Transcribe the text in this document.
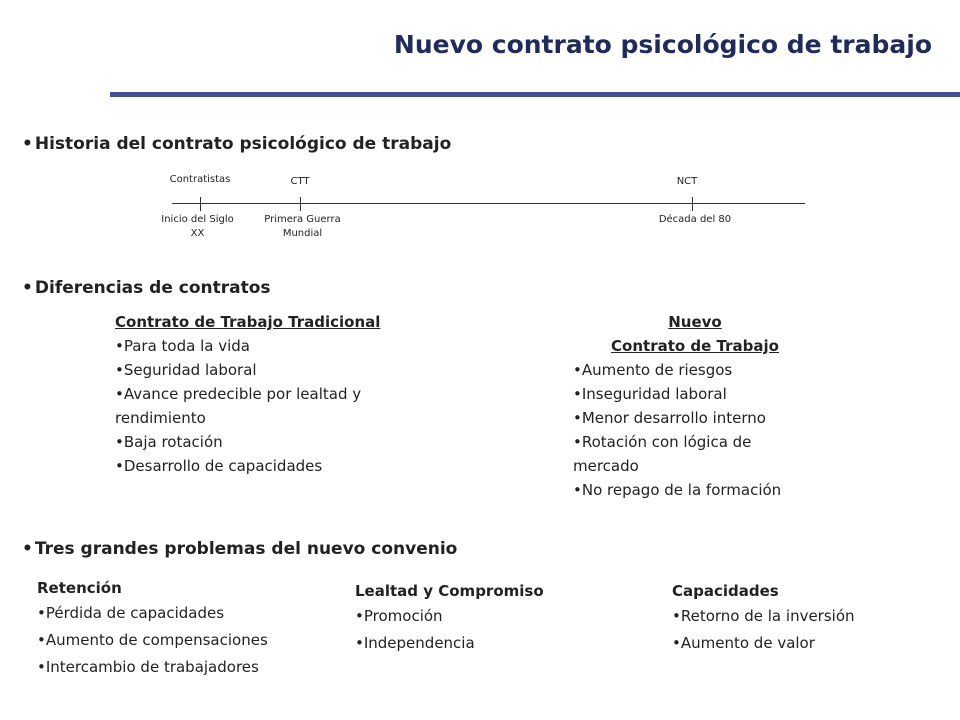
Nuevo contrato psicológico de trabajo
• Historia del contrato psicológico de trabajo
Contratistas	CTT	NCT
Inicio del Siglo
XX
Primera Guerra
Mundial
Década del 80
• Diferencias de contratos
Contrato de Trabajo Tradicional
•Para toda la vida
•Seguridad laboral
•Avance predecible por lealtad y
rendimiento
•Baja rotación
•Desarrollo de capacidades
Nuevo
Contrato de Trabajo
•Aumento de riesgos
•Inseguridad laboral
•Menor desarrollo interno
•Rotación con lógica de
mercado
•No repago de la formación
• Tres grandes problemas del nuevo convenio
Retención
•Pérdida de capacidades
•Aumento de compensaciones
•Intercambio de trabajadores
Lealtad y Compromiso
•Promoción
•Independencia
Capacidades
•Retorno de la inversión
•Aumento de valor
